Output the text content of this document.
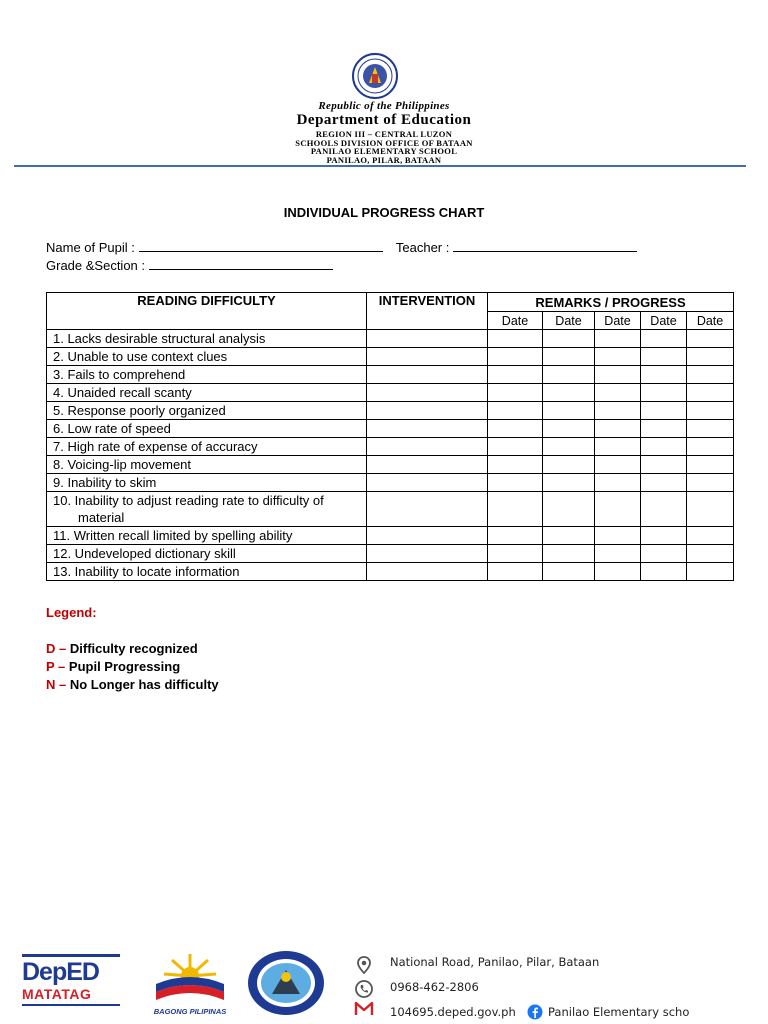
Republic of the Philippines
Department of Education
REGION III – CENTRAL LUZON
SCHOOLS DIVISION OFFICE OF BATAAN
PANILAO ELEMENTARY SCHOOL
PANILAO, PILAR, BATAAN
INDIVIDUAL PROGRESS CHART
Name of Pupil :	Teacher :
Grade &Section :
READING DIFFICULTY	INTERVENTION	REMARKS / PROGRESS				
		Date	Date	Date	Date	Date
1. Lacks desirable structural analysis						
2. Unable to use context clues						
3. Fails to comprehend						
4. Unaided recall scanty						
5. Response poorly organized						
6. Low rate of speed						
7. High rate of expense of accuracy						
8. Voicing-lip movement						
9. Inability to skim						

10. Inability to adjust reading rate to difficulty of
material						

11. Written recall limited by spelling ability						
12. Undeveloped dictionary skill						
13. Inability to locate information						
Legend:
D – Difficulty recognized
P – Pupil Progressing
N – No Longer has difficulty
DepED
MATATAG
BAGONG PILIPINAS
National Road, Panilao, Pilar, Bataan
0968-462-2806
104695.deped.gov.ph	Panilao Elementary scho
